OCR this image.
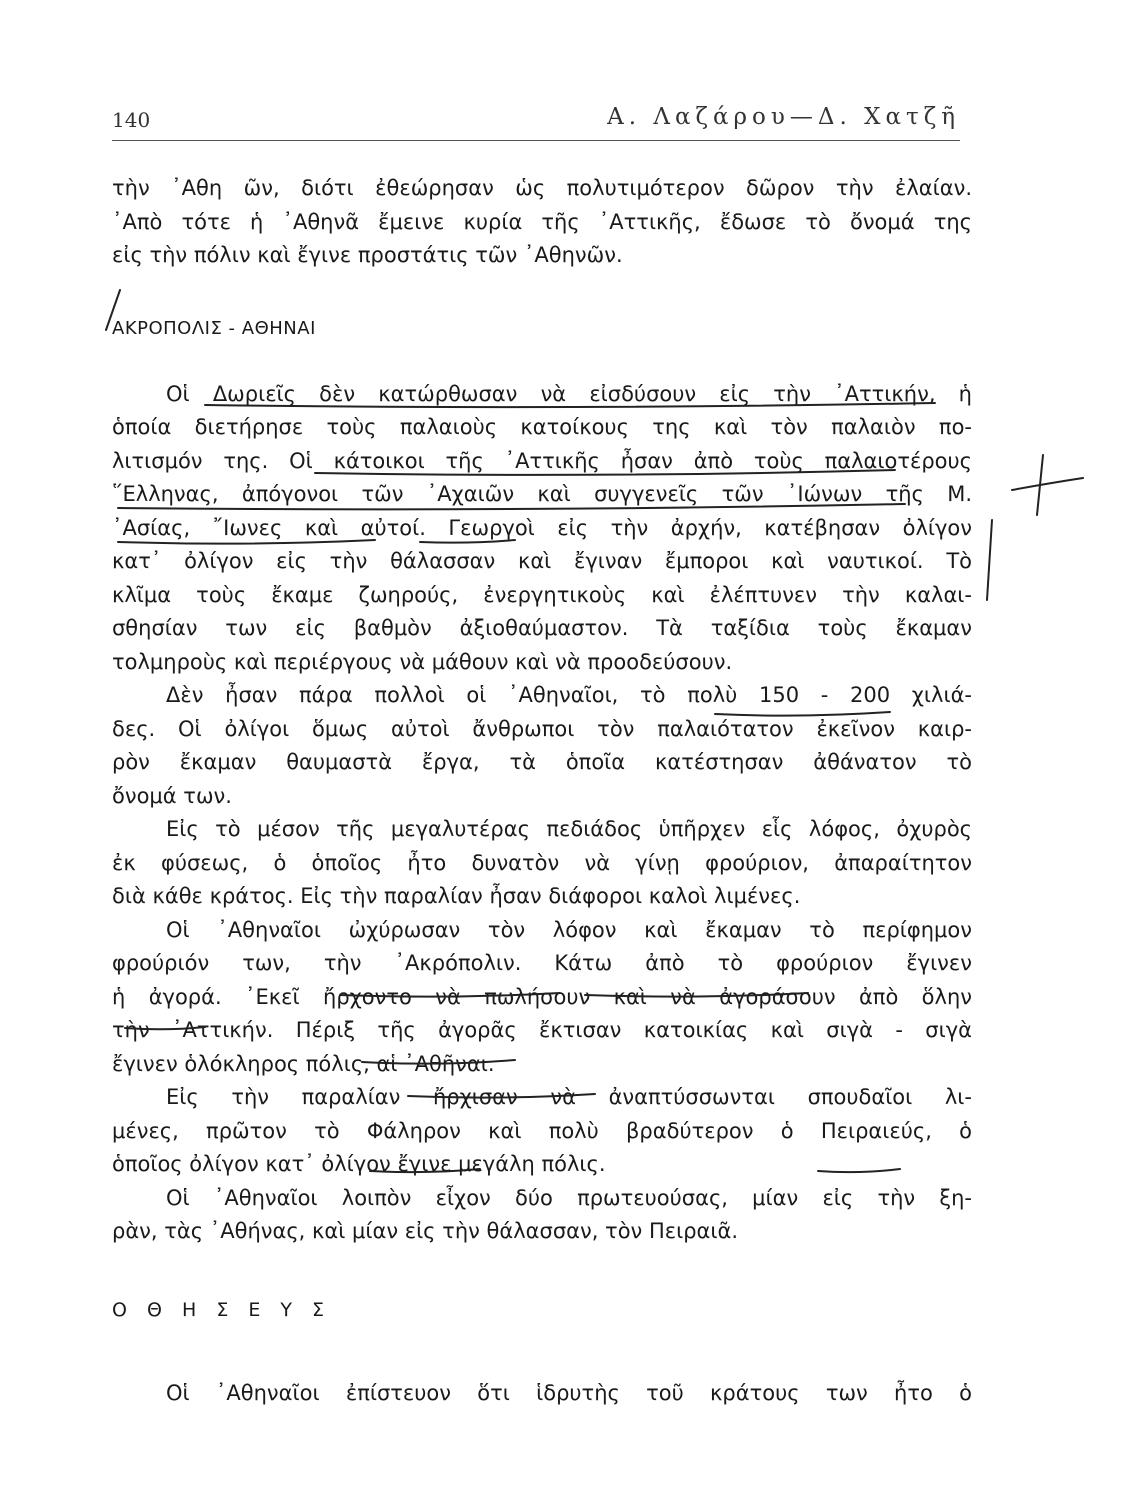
140	Α. Λαζάρου—Δ. Χατζῆ
τὴν ᾽Αθη ῶν, διότι ἐθεώρησαν ὡς πολυτιμότερον δῶρον τὴν ἐλαίαν.
᾽Απὸ τότε ἡ ᾽Αθηνᾶ ἔμεινε κυρία τῆς ᾽Αττικῆς, ἔδωσε τὸ ὄνομά της
εἰς τὴν πόλιν καὶ ἔγινε προστάτις τῶν ᾽Αθηνῶν.
ΑΚΡΟΠΟΛΙΣ - ΑΘΗΝΑΙ
Οἱ Δωριεῖς δὲν κατώρθωσαν νὰ εἰσδύσουν εἰς τὴν ᾽Αττικήν, ἡ
ὁποία διετήρησε τοὺς παλαιοὺς κατοίκους της καὶ τὸν παλαιὸν πο-
λιτισμόν της. Οἱ κάτοικοι τῆς ᾽Αττικῆς ἦσαν ἀπὸ τοὺς παλαιοτέρους
῞Ελληνας, ἀπόγονοι τῶν ᾽Αχαιῶν καὶ συγγενεῖς τῶν ᾽Ιώνων τῆς Μ.
᾽Ασίας, ῎Ιωνες καὶ αὐτοί. Γεωργοὶ εἰς τὴν ἀρχήν, κατέβησαν ὀλίγον
κατ᾽ ὀλίγον εἰς τὴν θάλασσαν καὶ ἔγιναν ἔμποροι καὶ ναυτικοί. Τὸ
κλῖμα τοὺς ἔκαμε ζωηρούς, ἐνεργητικοὺς καὶ ἐλέπτυνεν τὴν καλαι-
σθησίαν των εἰς βαθμὸν ἀξιοθαύμαστον. Τὰ ταξίδια τοὺς ἔκαμαν
τολμηροὺς καὶ περιέργους νὰ μάθουν καὶ νὰ προοδεύσουν.
Δὲν ἦσαν πάρα πολλοὶ οἱ ᾽Αθηναῖοι, τὸ πολὺ 150 - 200 χιλιά-
δες. Οἱ ὀλίγοι ὅμως αὐτοὶ ἄνθρωποι τὸν παλαιότατον ἐκεῖνον καιρ-
ρὸν ἔκαμαν θαυμαστὰ ἔργα, τὰ ὁποῖα κατέστησαν ἀθάνατον τὸ
ὄνομά των.
Εἰς τὸ μέσον τῆς μεγαλυτέρας πεδιάδος ὑπῆρχεν εἷς λόφος, ὀχυρὸς
ἐκ φύσεως, ὁ ὁποῖος ἦτο δυνατὸν νὰ γίνῃ φρούριον, ἀπαραίτητον
διὰ κάθε κράτος. Εἰς τὴν παραλίαν ἦσαν διάφοροι καλοὶ λιμένες.
Οἱ ᾽Αθηναῖοι ὠχύρωσαν τὸν λόφον καὶ ἔκαμαν τὸ περίφημον
φρούριόν των, τὴν ᾽Ακρόπολιν. Κάτω ἀπὸ τὸ φρούριον ἔγινεν
ἡ ἀγορά. ᾽Εκεῖ ἤρχοντο νὰ πωλήσουν καὶ νὰ ἀγοράσουν ἀπὸ ὅλην
τὴν ᾽Αττικήν. Πέριξ τῆς ἀγορᾶς ἔκτισαν κατοικίας καὶ σιγὰ - σιγὰ
ἔγινεν ὁλόκληρος πόλις, αἱ ᾽Αθῆναι.
Εἰς τὴν παραλίαν ἤρχισαν νὰ ἀναπτύσσωνται σπουδαῖοι λι-
μένες, πρῶτον τὸ Φάληρον καὶ πολὺ βραδύτερον ὁ Πειραιεύς, ὁ
ὁποῖος ὀλίγον κατ᾽ ὀλίγον ἔγινε μεγάλη πόλις.
Οἱ ᾽Αθηναῖοι λοιπὸν εἶχον δύο πρωτευούσας, μίαν εἰς τὴν ξη-
ρὰν, τὰς ᾽Αθήνας, καὶ μίαν εἰς τὴν θάλασσαν, τὸν Πειραιᾶ.
Ο Θ Η Σ Ε Υ Σ
Οἱ ᾽Αθηναῖοι ἐπίστευον ὅτι ἱδρυτὴς τοῦ κράτους των ἦτο ὁ
